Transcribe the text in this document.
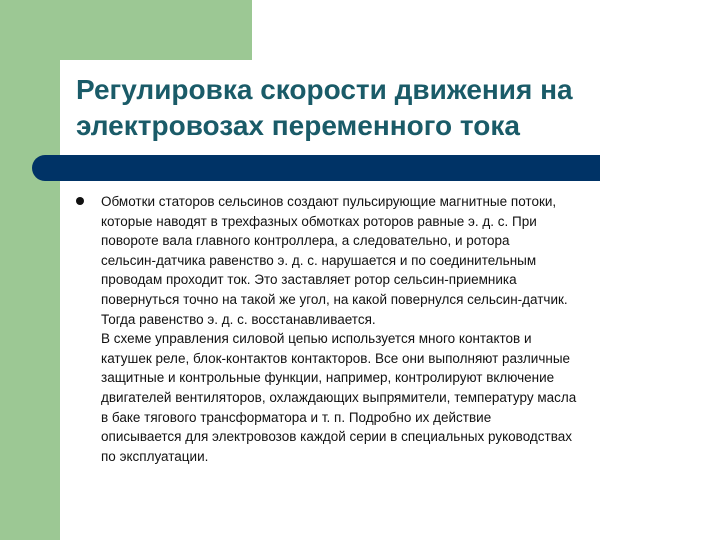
Регулировка скорости движения на
электровозах переменного тока
Обмотки статоров сельсинов создают пульсирующие магнитные потоки,
которые наводят в трехфазных обмотках роторов равные э. д. с. При
повороте вала главного контроллера, а следовательно, и ротора
сельсин-датчика равенство э. д. с. нарушается и по соединительным
проводам проходит ток. Это заставляет ротор сельсин-приемника
повернуться точно на такой же угол, на какой повернулся сельсин-датчик.
Тогда равенство э. д. с. восстанавливается.
В схеме управления силовой цепью используется много контактов и
катушек реле, блок-контактов контакторов. Все они выполняют различные
защитные и контрольные функции, например, контролируют включение
двигателей вентиляторов, охлаждающих выпрямители, температуру масла
в баке тягового трансформатора и т. п. Подробно их действие
описывается для электровозов каждой серии в специальных руководствах
по эксплуатации.
